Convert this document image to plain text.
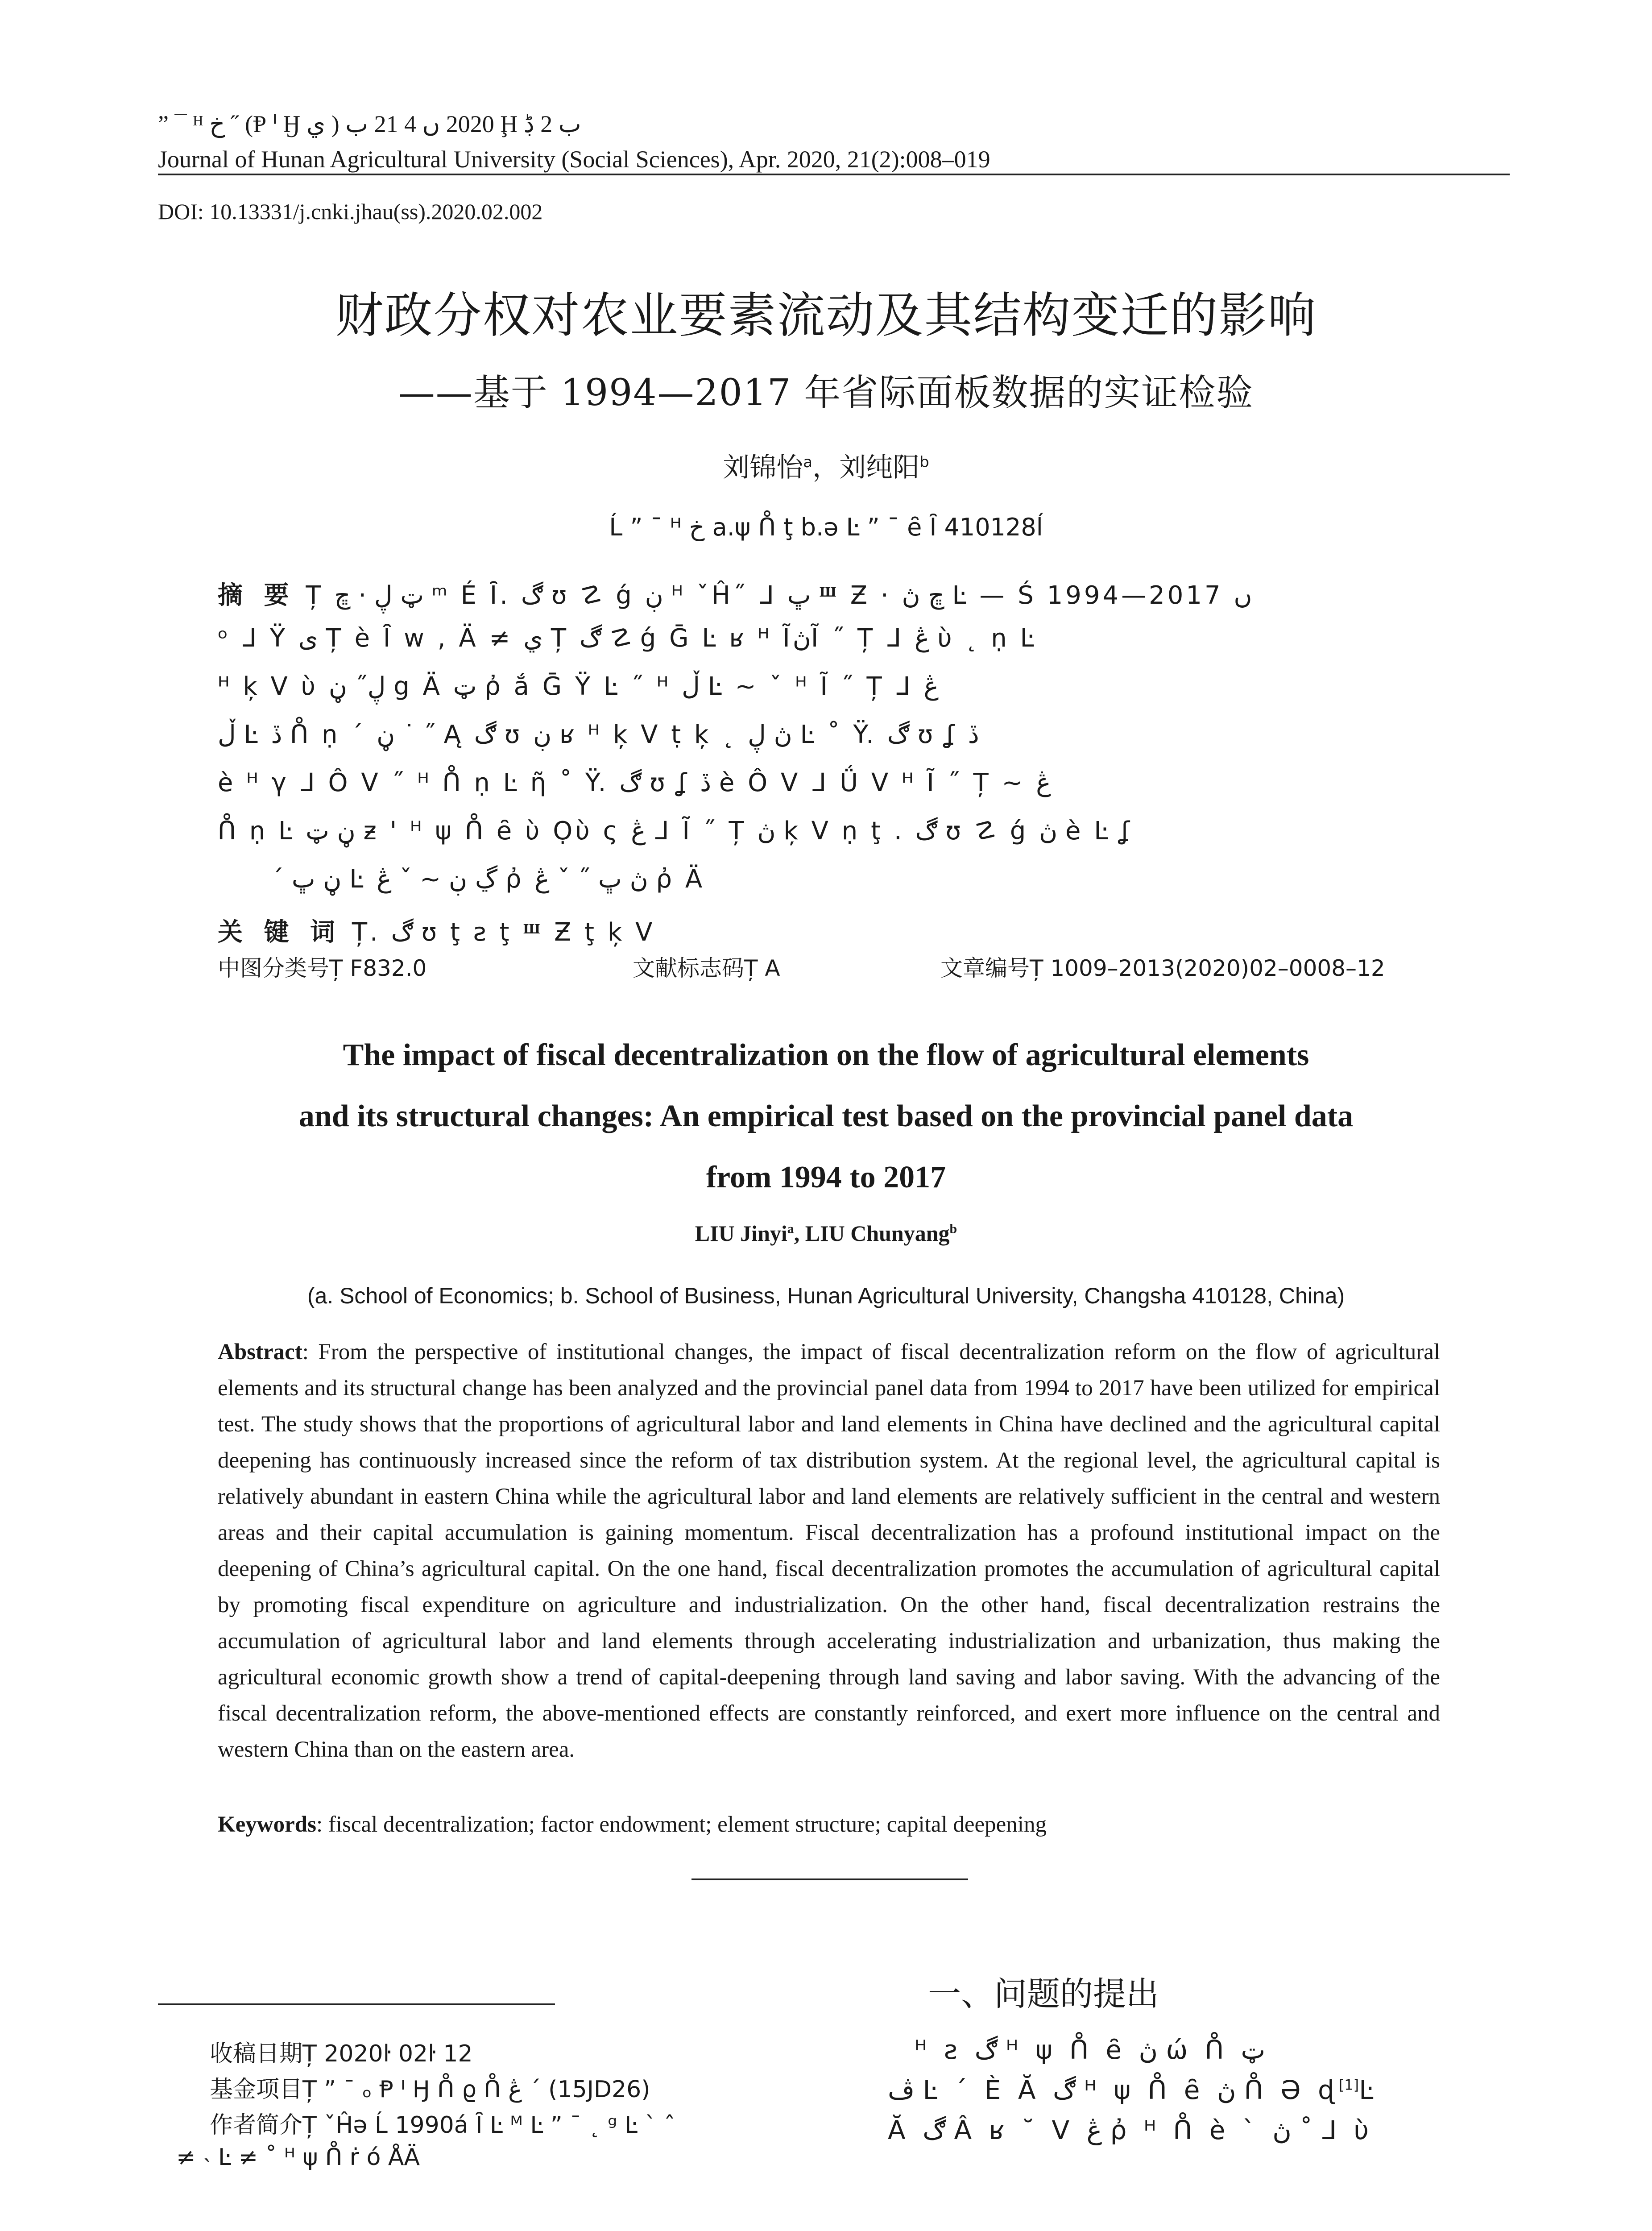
” ¯ ᴴ خ ˝ (Ᵽ ᑊ Ӈ ي ) 2020 ں 4 21 ب Ḩ ب 2 ڋ
Journal of Hunan Agricultural University (Social Sciences), Apr. 2020, 21(2):008–019
DOI: 10.13331/j.cnki.jhau(ss).2020.02.002
财政分权对农业要素流动及其结构变迁的影响
——基于 1994—2017 年省际面板数据的实证检验
刘锦怡$^a$，刘纯阳$^b$
Ĺ ” ¯ ᴴ خ a.ψ ᑍ ţ b.ә Ŀ ” ¯ ȇ Ȋ 410128ĺ
摘 要 Ț ټ ڸ · ڇ ᵐ É Ȋ. ڰ ʊ ☡ ǵ ڹ ᴴ ˇĤ˝ ᒧ ڀ Ⱎ Ƶ · ڇ ڽ Ŀ — Ś 1994—2017 ں
ᵒ ᒧ Ÿ ى Ț è Ȋ ᴡ , Ä ≠ ي Ț ڰ ☡ ǵ Ḡ Ŀ ʁ ᴴ ĨڽĨ ˝ Ț ᒧ ڠ ὺ ˛ ṇ Ŀ
ᴴ ķ ᐯ ὺ ڸ˝ ڼ g Ä ټ ῤ ắ Ḡ Ÿ Ŀ ˝ ᴴ ڵ Ŀ ~ ˇ ᴴ Ĩ ˝ Ț ᒧ ڠ
ڵ Ŀ ڏ ᑍ ṇ ˊ ڼ ˙ ˝ Ą ڰ ʊ ڹ ʁ ᴴ ķ ᐯ ṭ ķ ˛ ڽ ڸ Ŀ ˚ Ÿ. ڰ ʊ ʆ ڏ
è ᴴ γ ᒧ Ô ᐯ ˝ ᴴ ᑍ ṇ Ŀ ῆ ˚ Ÿ. ڰ ʊ ʆ ڏ è Ô ᐯ ᒧ Ǘ ᐯ ᴴ Ĩ ˝ Ț ~ ڠ
ᑍ ṇ Ŀ ڼ ټ ƶ ' ᴴ ψ ᑍ ȇ ὺ Ọὺ ς ڠ ᒧ Ĩ ˝ Ț ڽ ķ ᐯ ṇ ţ . ڰ ʊ ☡ ǵ ڽ è Ŀ ʆ
ˊ ڼ ڀ Ŀ ڲ ڹ ~ ˇ ڠ ῤ ڽ ڀ ˝ ˇ ڠ ῤ Ä
关 键 词 Ț. ڰ ʊ ţ ƨ ţ Ⱎ Ƶ ţ ķ ᐯ
中图分类号Ț F832.0	文献标志码Ț A	文章编号Ț 1009–2013(2020)02–0008–12
The impact of fiscal decentralization on the flow of agricultural elements
and its structural changes: An empirical test based on the provincial panel data
from 1994 to 2017
LIU Jinyi$^a$, LIU Chunyang$^b$
(a. School of Economics; b. School of Business, Hunan Agricultural University, Changsha 410128, China)
Abstract: From the perspective of institutional changes, the impact of fiscal decentralization reform on the flow of agricultural elements and its structural change has been analyzed and the provincial panel data from 1994 to 2017 have been utilized for empirical test. The study shows that the proportions of agricultural labor and land elements in China have declined and the agricultural capital deepening has continuously increased since the reform of tax distribution system. At the regional level, the agricultural capital is relatively abundant in eastern China while the agricultural labor and land elements are relatively sufficient in the central and western areas and their capital accumulation is gaining momentum. Fiscal decentralization has a profound institutional impact on the deepening of China’s agricultural capital. On the one hand, fiscal decentralization promotes the accumulation of agricultural capital by promoting fiscal expenditure on agriculture and industrialization. On the other hand, fiscal decentralization restrains the accumulation of agricultural labor and land elements through accelerating industrialization and urbanization, thus making the agricultural economic growth show a trend of capital-deepening through land saving and labor saving. With the advancing of the fiscal decentralization reform, the above-mentioned effects are constantly reinforced, and exert more influence on the central and western China than on the eastern area.
Keywords: fiscal decentralization; factor endowment; element structure; capital deepening
收稿日期Ț 2020ŀ 02ŀ 12
基金项目Ț ” ¯ ₒ Ᵽ ᑊ Ӈ ᑍ ϱ ᑍ ڠ ˊ (15JD26)
作者简介Ț ˇĤә Ĺ 1990á Ȋ Ŀ ᴹ Ŀ ” ¯ ˛ ᵍ Ŀ ˋ ˆ
≠ ˴ Ŀ ≠ ˚ ᴴ ψ ᑍ ṙ ó ÅÄ
一、问题的提出
ᴴ ƨ ڰ ᴴ ψ ᑍ ȇ ڽ ώ ᑍ ټ
ڤ Ŀ ˊ È Ă ڰ ᴴ ψ ᑍ ȇ ڽ ᑍ Ə ɖ[1]Ŀ
Ă ڰ Â ʁ ˘ ᐯ ڠ ῤ ᴴ ᑍ è ˋ ڽ ˚ ᒧ ὺ
